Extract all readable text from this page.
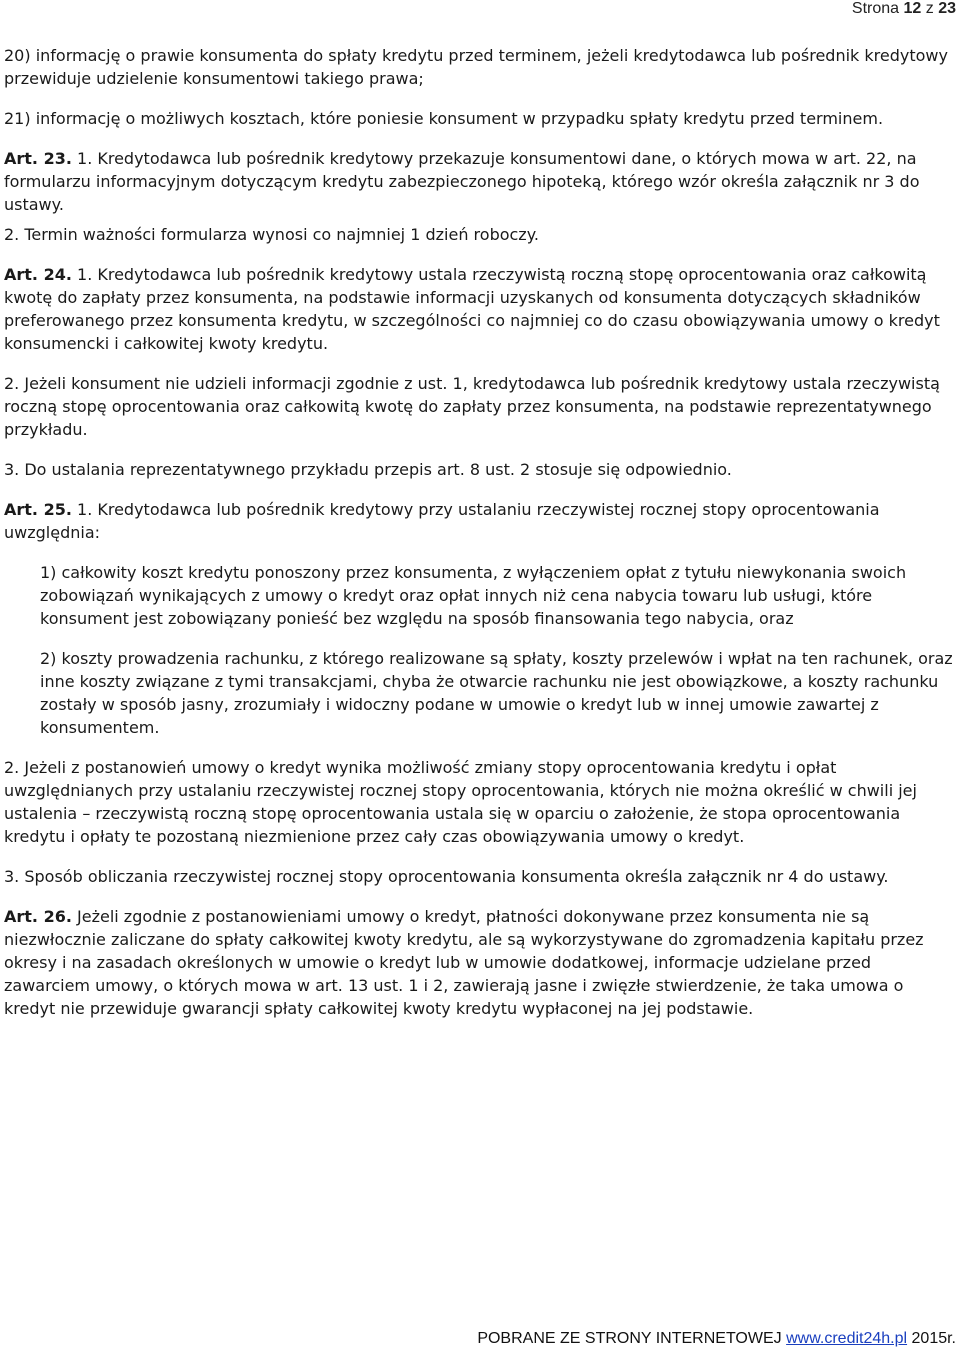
Strona 12 z 23

20) informację o prawie konsumenta do spłaty kredytu przed terminem, jeżeli kredytodawca lub pośrednik kredytowy przewiduje udzielenie konsumentowi takiego prawa;

21) informację o możliwych kosztach, które poniesie konsument w przypadku spłaty kredytu przed terminem.

Art. 23. 1. Kredytodawca lub pośrednik kredytowy przekazuje konsumentowi dane, o których mowa w art. 22, na formularzu informacyjnym dotyczącym kredytu zabezpieczonego hipoteką, którego wzór określa załącznik nr 3 do ustawy.

2. Termin ważności formularza wynosi co najmniej 1 dzień roboczy.

Art. 24. 1. Kredytodawca lub pośrednik kredytowy ustala rzeczywistą roczną stopę oprocentowania oraz całkowitą kwotę do zapłaty przez konsumenta, na podstawie informacji uzyskanych od konsumenta dotyczących składników preferowanego przez konsumenta kredytu, w szczególności co najmniej co do czasu obowiązywania umowy o kredyt konsumencki i całkowitej kwoty kredytu.

2. Jeżeli konsument nie udzieli informacji zgodnie z ust. 1, kredytodawca lub pośrednik kredytowy ustala rzeczywistą roczną stopę oprocentowania oraz całkowitą kwotę do zapłaty przez konsumenta, na podstawie reprezentatywnego przykładu.

3. Do ustalania reprezentatywnego przykładu przepis art. 8 ust. 2 stosuje się odpowiednio.

Art. 25. 1. Kredytodawca lub pośrednik kredytowy przy ustalaniu rzeczywistej rocznej stopy oprocentowania uwzględnia:

1) całkowity koszt kredytu ponoszony przez konsumenta, z wyłączeniem opłat z tytułu niewykonania swoich zobowiązań wynikających z umowy o kredyt oraz opłat innych niż cena nabycia towaru lub usługi, które konsument jest zobowiązany ponieść bez względu na sposób finansowania tego nabycia, oraz

2) koszty prowadzenia rachunku, z którego realizowane są spłaty, koszty przelewów i wpłat na ten rachunek, oraz inne koszty związane z tymi transakcjami, chyba że otwarcie rachunku nie jest obowiązkowe, a koszty rachunku zostały w sposób jasny, zrozumiały i widoczny podane w umowie o kredyt lub w innej umowie zawartej z konsumentem.

2. Jeżeli z postanowień umowy o kredyt wynika możliwość zmiany stopy oprocentowania kredytu i opłat uwzględnianych przy ustalaniu rzeczywistej rocznej stopy oprocentowania, których nie można określić w chwili jej ustalenia – rzeczywistą roczną stopę oprocentowania ustala się w oparciu o założenie, że stopa oprocentowania kredytu i opłaty te pozostaną niezmienione przez cały czas obowiązywania umowy o kredyt.

3. Sposób obliczania rzeczywistej rocznej stopy oprocentowania konsumenta określa załącznik nr 4 do ustawy.

Art. 26. Jeżeli zgodnie z postanowieniami umowy o kredyt, płatności dokonywane przez konsumenta nie są niezwłocznie zaliczane do spłaty całkowitej kwoty kredytu, ale są wykorzystywane do zgromadzenia kapitału przez okresy i na zasadach określonych w umowie o kredyt lub w umowie dodatkowej, informacje udzielane przed zawarciem umowy, o których mowa w art. 13 ust. 1 i 2, zawierają jasne i zwięzłe stwierdzenie, że taka umowa o kredyt nie przewiduje gwarancji spłaty całkowitej kwoty kredytu wypłaconej na jej podstawie.

POBRANE ZE STRONY INTERNETOWEJ www.credit24h.pl 2015r.
